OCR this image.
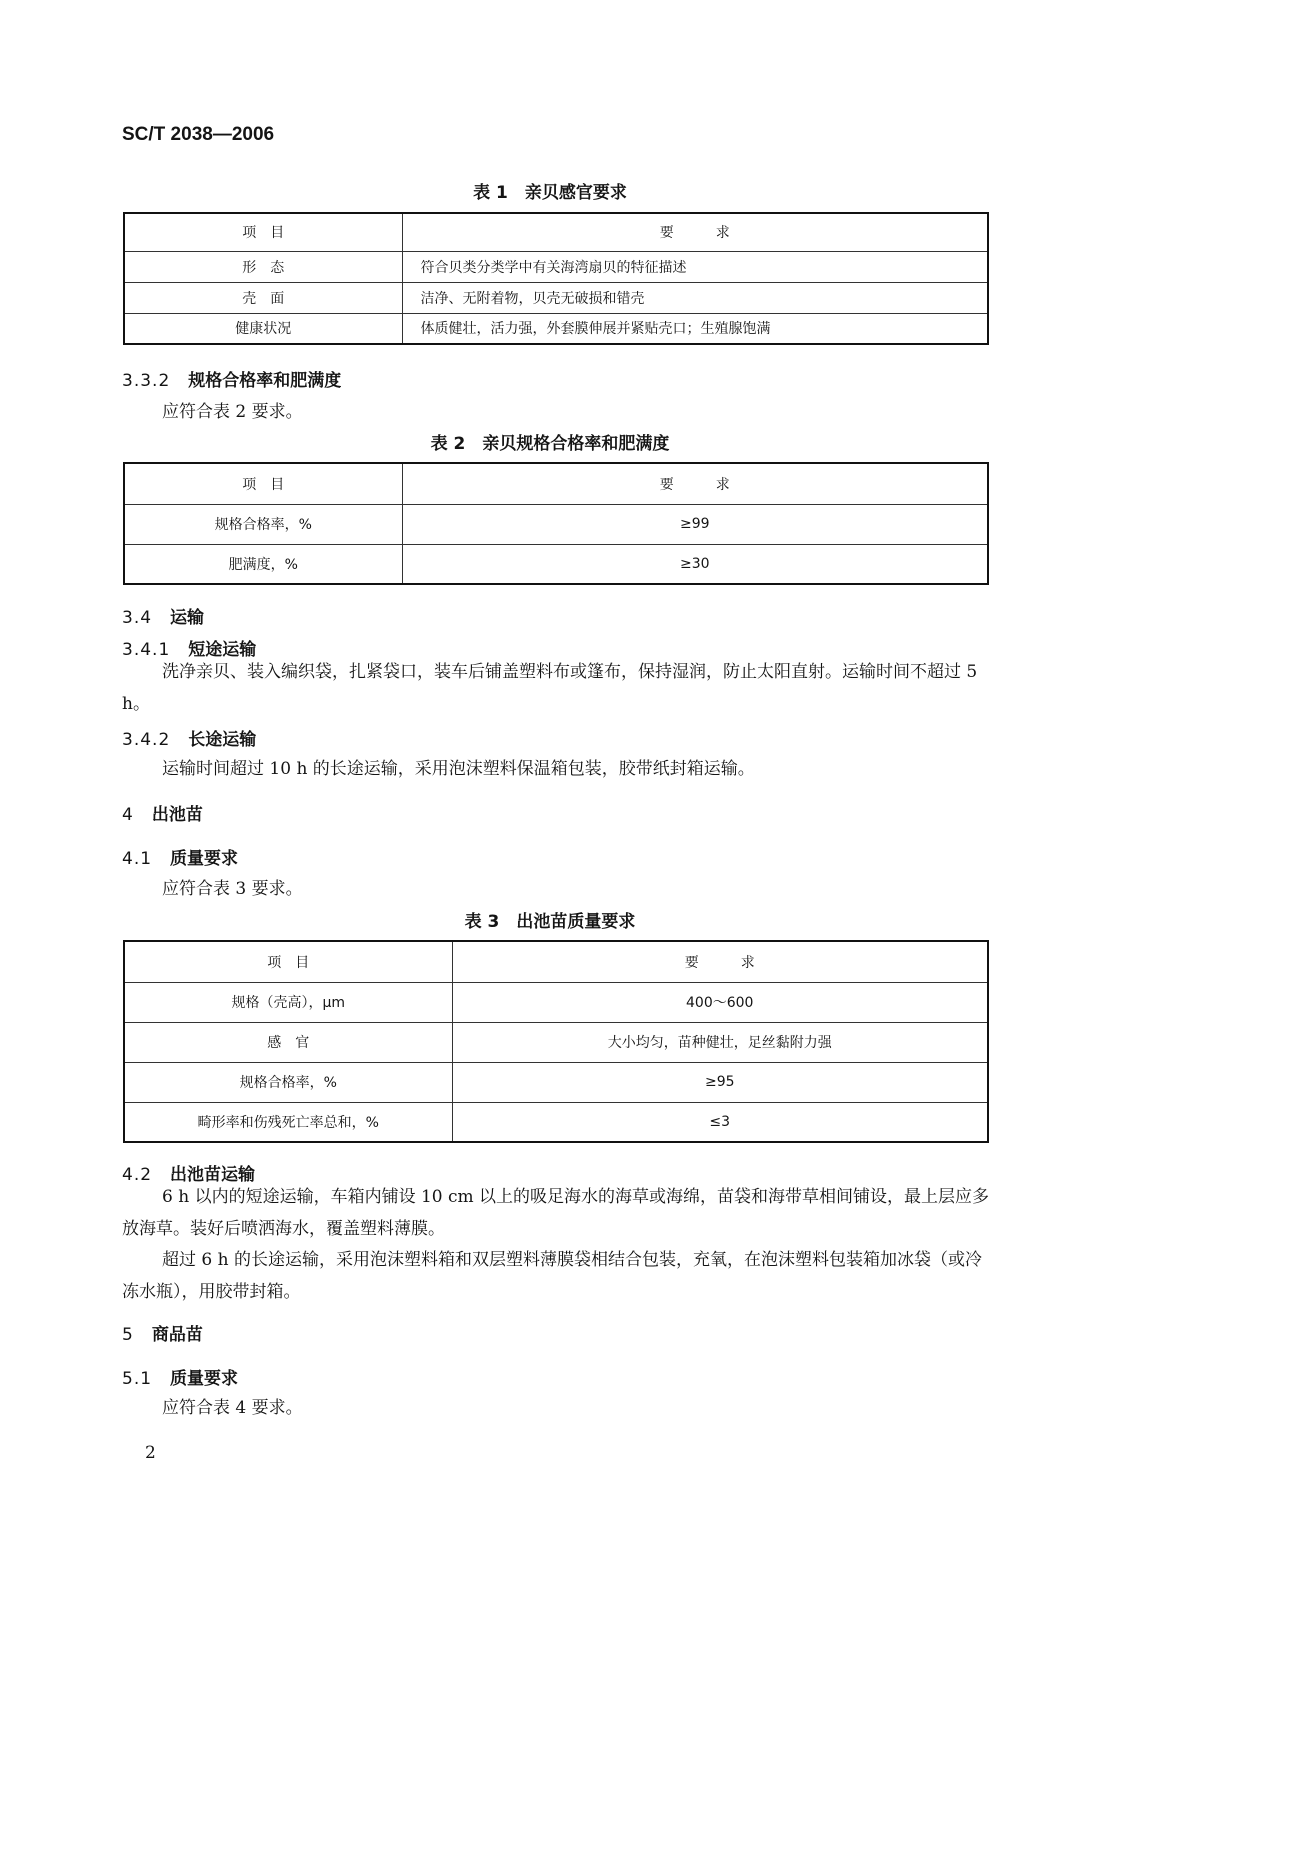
SC/T 2038—2006
表 1　亲贝感官要求
项　目	要　　　求
形　态	符合贝类分类学中有关海湾扇贝的特征描述
壳　面	洁净、无附着物，贝壳无破损和错壳
健康状况	体质健壮，活力强，外套膜伸展并紧贴壳口；生殖腺饱满
3.3.2 规格合格率和肥满度
应符合表 2 要求。
表 2　亲贝规格合格率和肥满度
项　目	要　　　求
规格合格率，%	≥99
肥满度，%	≥30
3.4 运输
3.4.1 短途运输
洗净亲贝、装入编织袋，扎紧袋口，装车后铺盖塑料布或篷布，保持湿润，防止太阳直射。运输时间不超过 5 h。
3.4.2 长途运输
运输时间超过 10 h 的长途运输，采用泡沫塑料保温箱包装，胶带纸封箱运输。
4 出池苗
4.1 质量要求
应符合表 3 要求。
表 3　出池苗质量要求
项　目	要　　　求
规格（壳高），μm	400～600
感　官	大小均匀，苗种健壮，足丝黏附力强
规格合格率，%	≥95
畸形率和伤残死亡率总和，%	≤3
4.2 出池苗运输
6 h 以内的短途运输，车箱内铺设 10 cm 以上的吸足海水的海草或海绵，苗袋和海带草相间铺设，最上层应多放海草。装好后喷洒海水，覆盖塑料薄膜。
超过 6 h 的长途运输，采用泡沫塑料箱和双层塑料薄膜袋相结合包装，充氧，在泡沫塑料包装箱加冰袋（或冷冻水瓶），用胶带封箱。
5 商品苗
5.1 质量要求
应符合表 4 要求。
2
